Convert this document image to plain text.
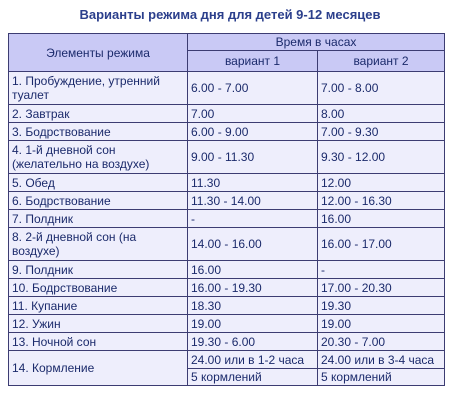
Варианты режима дня для детей 9-12 месяцев
Элементы режима	Время в часах	
	вариант 1	вариант 2
1. Пробуждение, утренний туалет	6.00 - 7.00	7.00 - 8.00
2. Завтрак	7.00	8.00
3. Бодрствование	6.00 - 9.00	7.00 - 9.30
4. 1-й дневной сон (желательно на воздухе)	9.00 - 11.30	9.30 - 12.00
5. Обед	11.30	12.00
6. Бодрствование	11.30 - 14.00	12.00 - 16.30
7. Полдник	-	16.00
8. 2-й дневной сон (на воздухе)	14.00 - 16.00	16.00 - 17.00
9. Полдник	16.00	-
10. Бодрствование	16.00 - 19.30	17.00 - 20.30
11. Купание	18.30	19.30
12. Ужин	19.00	19.00
13. Ночной сон	19.30 - 6.00	20.30 - 7.00
14. Кормление	24.00 или в 1-2 часа	24.00 или в 3-4 часа
	5 кормлений	5 кормлений
